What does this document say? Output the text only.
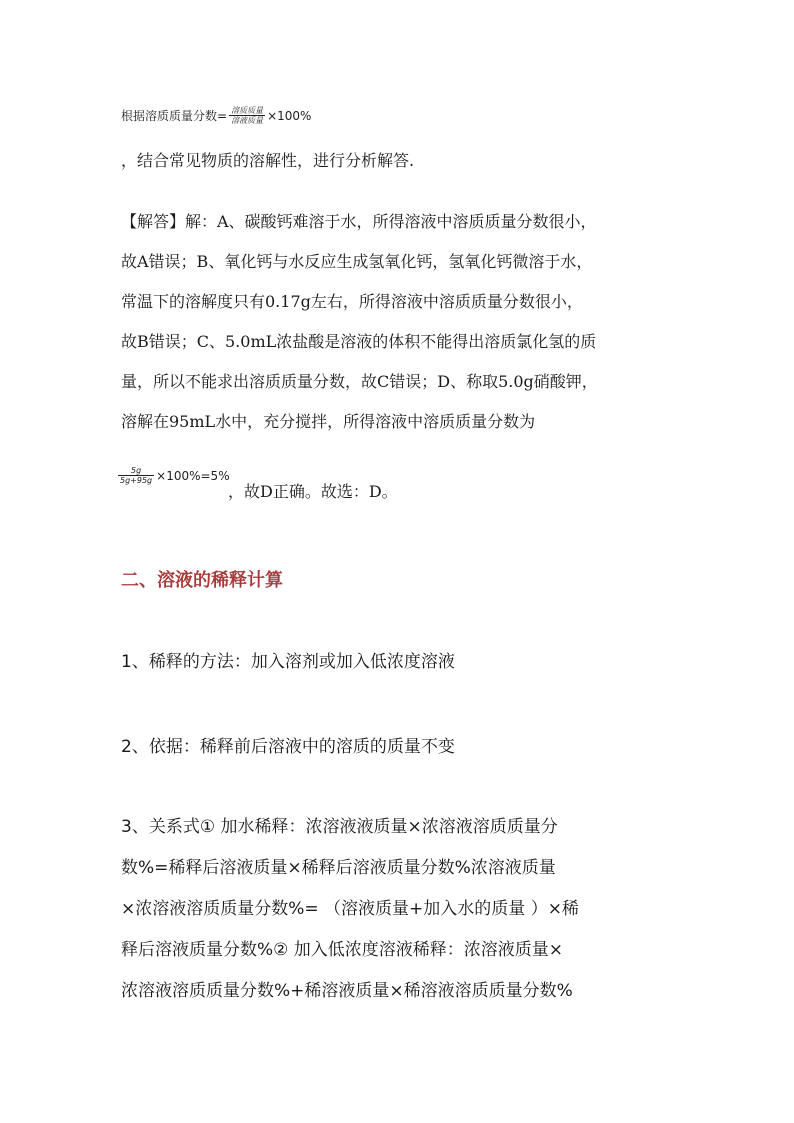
根据溶质质量分数= $\frac{\text{溶质质量}}{\text{溶液质量}} \times 100\%$
，结合常见物质的溶解性，进行分析解答.
【解答】解：A、碳酸钙难溶于水，所得溶液中溶质质量分数很小，
故A错误；B、氧化钙与水反应生成氢氧化钙，氢氧化钙微溶于水，
常温下的溶解度只有0.17g左右，所得溶液中溶质质量分数很小，
故B错误；C、5.0mL浓盐酸是溶液的体积不能得出溶质氯化氢的质
量，所以不能求出溶质质量分数，故C错误；D、称取5.0g硝酸钾，
溶解在95mL水中，充分搅拌，所得溶液中溶质质量分数为
$\frac{5g}{5g+95g} \times 100\%=5\%$
，故D正确。故选：D。
二、溶液的稀释计算
1、稀释的方法：加入溶剂或加入低浓度溶液
2、依据：稀释前后溶液中的溶质的质量不变
3、关系式① 加水稀释：浓溶液液质量×浓溶液溶质质量分
数%=稀释后溶液质量×稀释后溶液质量分数%浓溶液质量
×浓溶液溶质质量分数%= （溶液质量+加入水的质量 ）×稀
释后溶液质量分数%② 加入低浓度溶液稀释：浓溶液质量×
浓溶液溶质质量分数%+稀溶液质量×稀溶液溶质质量分数%
